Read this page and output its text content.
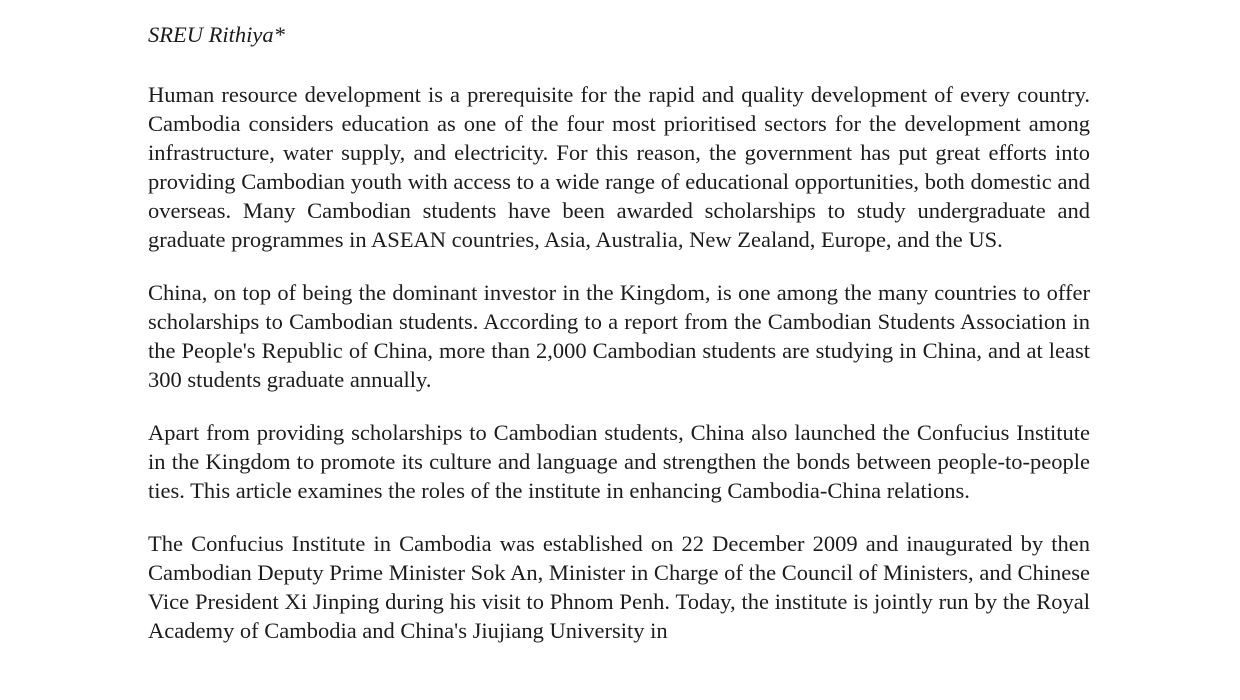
SREU Rithiya*

Human resource development is a prerequisite for the rapid and quality development of every country. Cambodia considers education as one of the four most prioritised sectors for the development among infrastructure, water supply, and electricity. For this reason, the government has put great efforts into providing Cambodian youth with access to a wide range of educational opportunities, both domestic and overseas. Many Cambodian students have been awarded scholarships to study undergraduate and graduate programmes in ASEAN countries, Asia, Australia, New Zealand, Europe, and the US.

China, on top of being the dominant investor in the Kingdom, is one among the many countries to offer scholarships to Cambodian students. According to a report from the Cambodian Students Association in the People's Republic of China, more than 2,000 Cambodian students are studying in China, and at least 300 students graduate annually.

Apart from providing scholarships to Cambodian students, China also launched the Confucius Institute in the Kingdom to promote its culture and language and strengthen the bonds between people-to-people ties. This article examines the roles of the institute in enhancing Cambodia-China relations.

The Confucius Institute in Cambodia was established on 22 December 2009 and inaugurated by then Cambodian Deputy Prime Minister Sok An, Minister in Charge of the Council of Ministers, and Chinese Vice President Xi Jinping during his visit to Phnom Penh. Today, the institute is jointly run by the Royal Academy of Cambodia and China's Jiujiang University in
